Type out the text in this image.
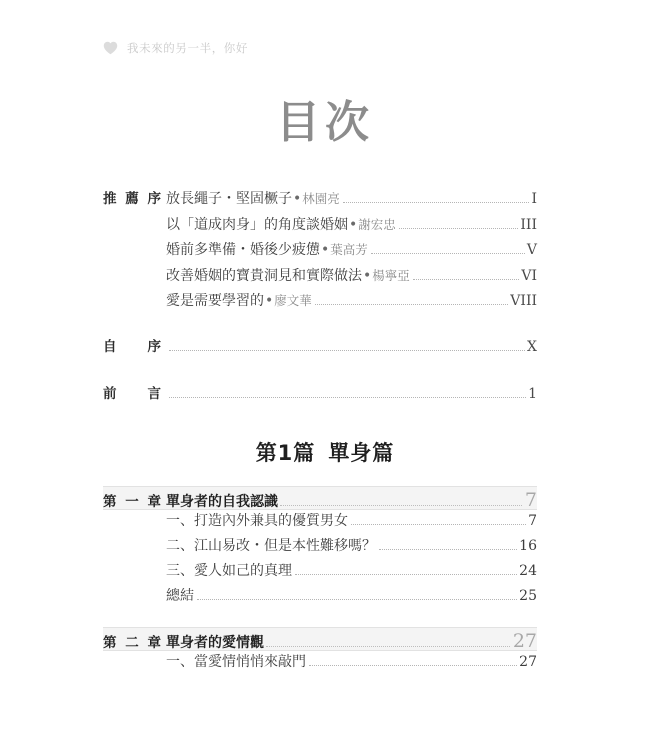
我未來的另一半，你好
目次
推薦序 放長繩子・堅固橛子•林園亮	I
以「道成肉身」的角度談婚姻•謝宏忠	III
婚前多準備・婚後少疲憊•葉高芳	V
改善婚姻的寶貴洞見和實際做法•楊寧亞	VI
愛是需要學習的•廖文華	VIII
自序	X
前言	1
第1篇 單身篇
第一章 單身者的自我認識	7
一、打造內外兼具的優質男女	7
二、江山易改・但是本性難移嗎？	16
三、愛人如己的真理	24
總結	25
第二章 單身者的愛情觀	27
一、當愛情悄悄來敲門	27
